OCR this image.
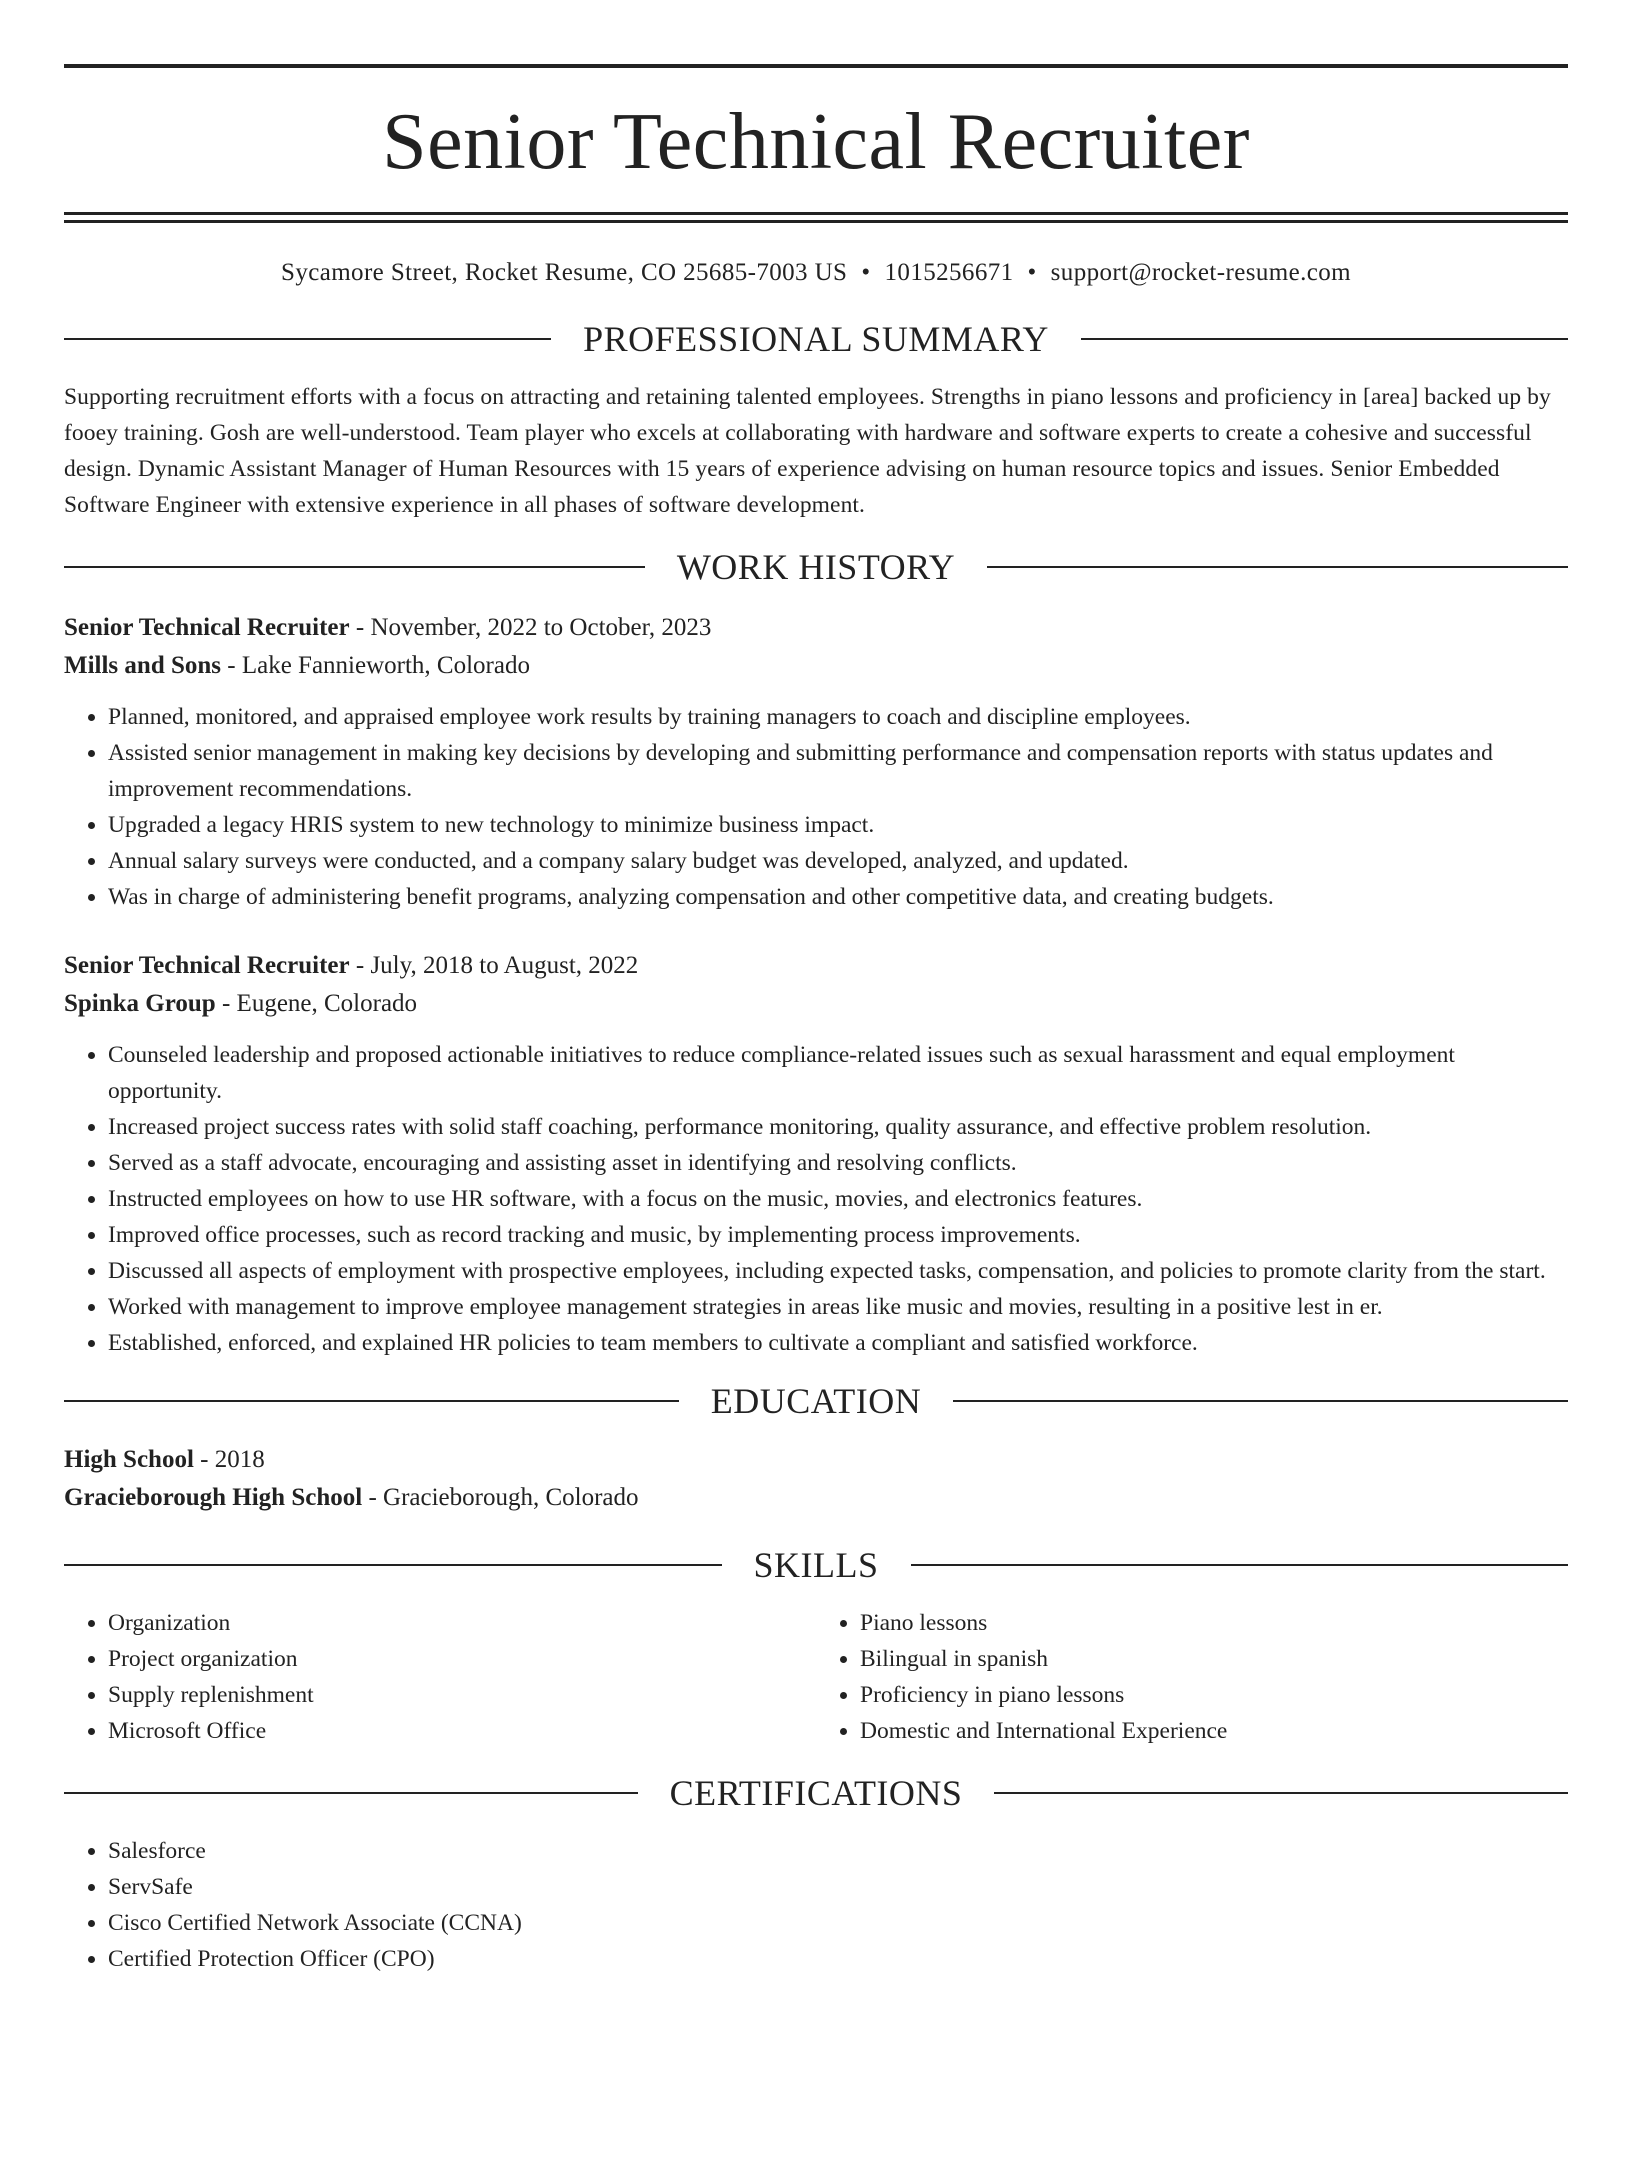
Senior Technical Recruiter
Sycamore Street, Rocket Resume, CO 25685-7003 US • 1015256671 • support@rocket-resume.com
PROFESSIONAL SUMMARY
Supporting recruitment efforts with a focus on attracting and retaining talented employees. Strengths in piano lessons and proficiency in [area] backed up by fooey training. Gosh are well-understood. Team player who excels at collaborating with hardware and software experts to create a cohesive and successful design. Dynamic Assistant Manager of Human Resources with 15 years of experience advising on human resource topics and issues. Senior Embedded Software Engineer with extensive experience in all phases of software development.
WORK HISTORY
Senior Technical Recruiter - November, 2022 to October, 2023
Mills and Sons - Lake Fannieworth, Colorado
• Planned, monitored, and appraised employee work results by training managers to coach and discipline employees.
• Assisted senior management in making key decisions by developing and submitting performance and compensation reports with status updates and improvement recommendations.
• Upgraded a legacy HRIS system to new technology to minimize business impact.
• Annual salary surveys were conducted, and a company salary budget was developed, analyzed, and updated.
• Was in charge of administering benefit programs, analyzing compensation and other competitive data, and creating budgets.
Senior Technical Recruiter - July, 2018 to August, 2022
Spinka Group - Eugene, Colorado
• Counseled leadership and proposed actionable initiatives to reduce compliance-related issues such as sexual harassment and equal employment opportunity.
• Increased project success rates with solid staff coaching, performance monitoring, quality assurance, and effective problem resolution.
• Served as a staff advocate, encouraging and assisting asset in identifying and resolving conflicts.
• Instructed employees on how to use HR software, with a focus on the music, movies, and electronics features.
• Improved office processes, such as record tracking and music, by implementing process improvements.
• Discussed all aspects of employment with prospective employees, including expected tasks, compensation, and policies to promote clarity from the start.
• Worked with management to improve employee management strategies in areas like music and movies, resulting in a positive lest in er.
• Established, enforced, and explained HR policies to team members to cultivate a compliant and satisfied workforce.
EDUCATION
High School - 2018
Gracieborough High School - Gracieborough, Colorado
SKILLS
• Organization
• Project organization
• Supply replenishment
• Microsoft Office
• Piano lessons
• Bilingual in spanish
• Proficiency in piano lessons
• Domestic and International Experience
CERTIFICATIONS
• Salesforce
• ServSafe
• Cisco Certified Network Associate (CCNA)
• Certified Protection Officer (CPO)
